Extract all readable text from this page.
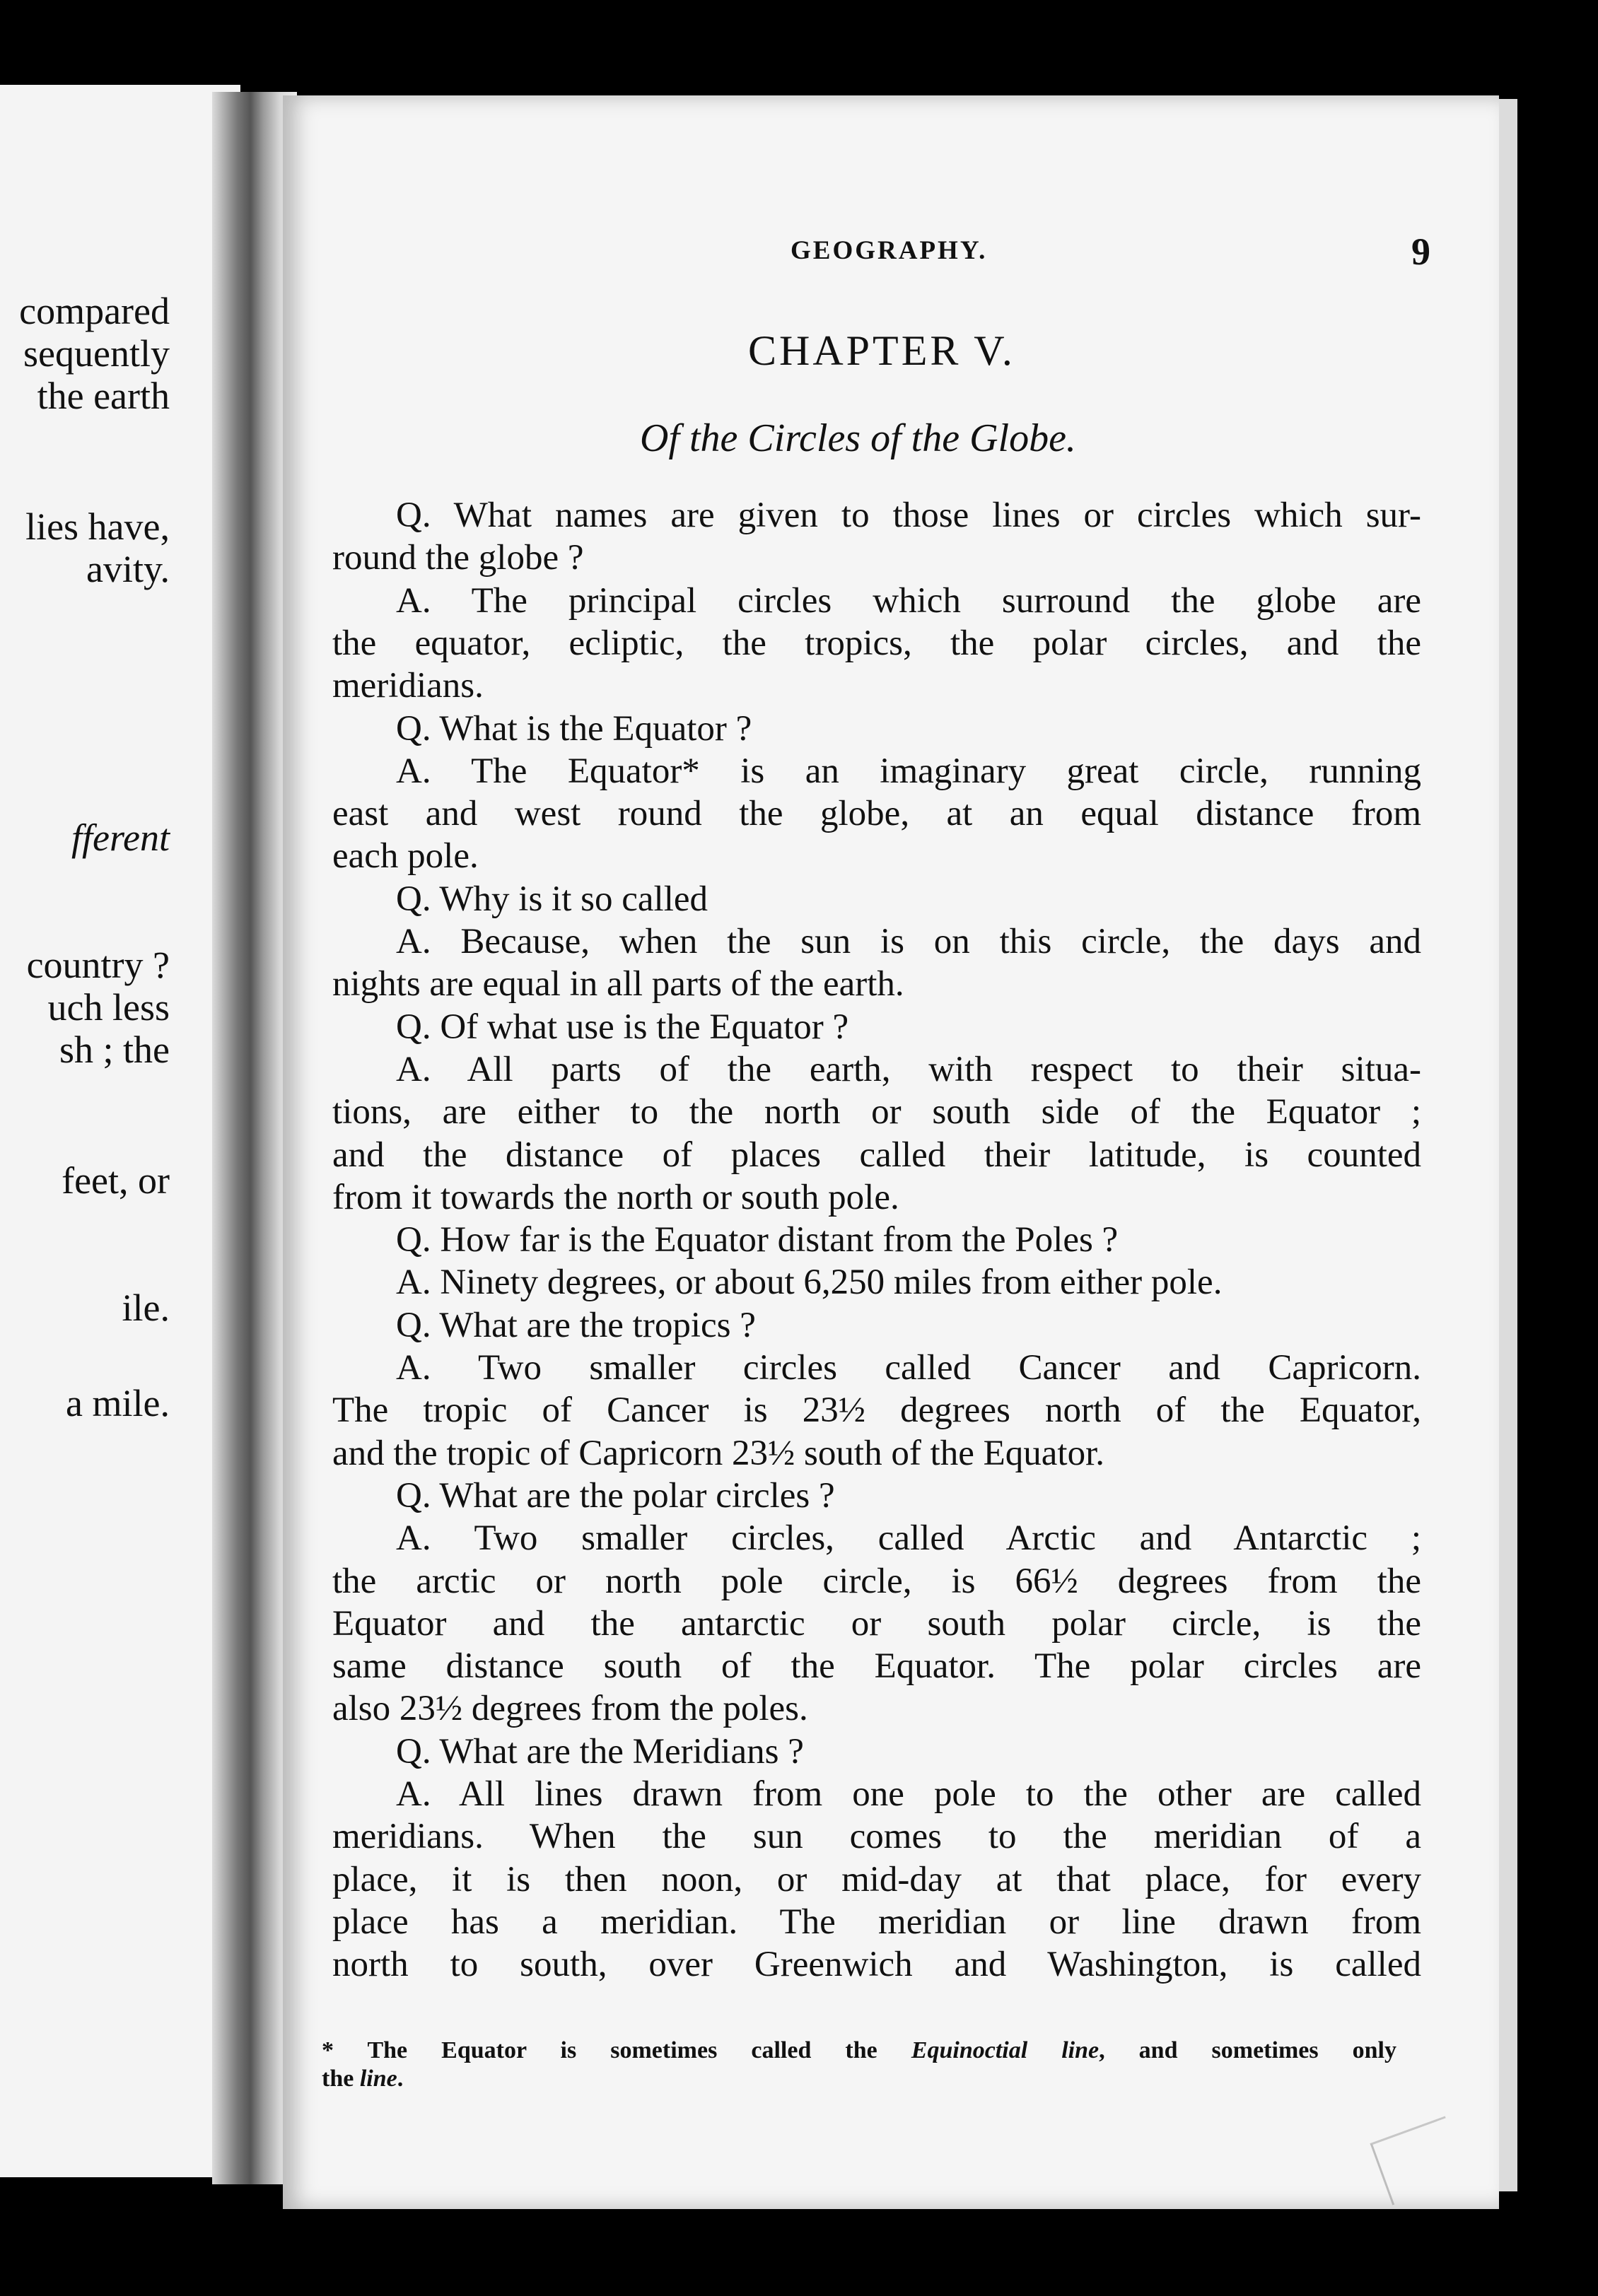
compared
sequently
the earth
lies have,
avity.
fferent
country ?
uch less
sh ; the
feet, or
ile.
a mile.
GEOGRAPHY.	9
CHAPTER V.
Of the Circles of the Globe.
Q. What names are given to those lines or circles which sur-
round the globe ?
A. The principal circles which surround the globe are
the equator, ecliptic, the tropics, the polar circles, and the
meridians.
Q. What is the Equator ?
A. The Equator* is an imaginary great circle, running
east and west round the globe, at an equal distance from
each pole.
Q. Why is it so called
A. Because, when the sun is on this circle, the days and
nights are equal in all parts of the earth.
Q. Of what use is the Equator ?
A. All parts of the earth, with respect to their situa-
tions, are either to the north or south side of the Equator ;
and the distance of places called their latitude, is counted
from it towards the north or south pole.
Q. How far is the Equator distant from the Poles ?
A. Ninety degrees, or about 6,250 miles from either pole.
Q. What are the tropics ?
A. Two smaller circles called Cancer and Capricorn.
The tropic of Cancer is 23½ degrees north of the Equator,
and the tropic of Capricorn 23½ south of the Equator.
Q. What are the polar circles ?
A. Two smaller circles, called Arctic and Antarctic ;
the arctic or north pole circle, is 66½ degrees from the
Equator and the antarctic or south polar circle, is the
same distance south of the Equator. The polar circles are
also 23½ degrees from the poles.
Q. What are the Meridians ?
A. All lines drawn from one pole to the other are called
meridians. When the sun comes to the meridian of a
place, it is then noon, or mid-day at that place, for every
place has a meridian. The meridian or line drawn from
north to south, over Greenwich and Washington, is called
* The Equator is sometimes called the Equinoctial line, and sometimes only
the line.
